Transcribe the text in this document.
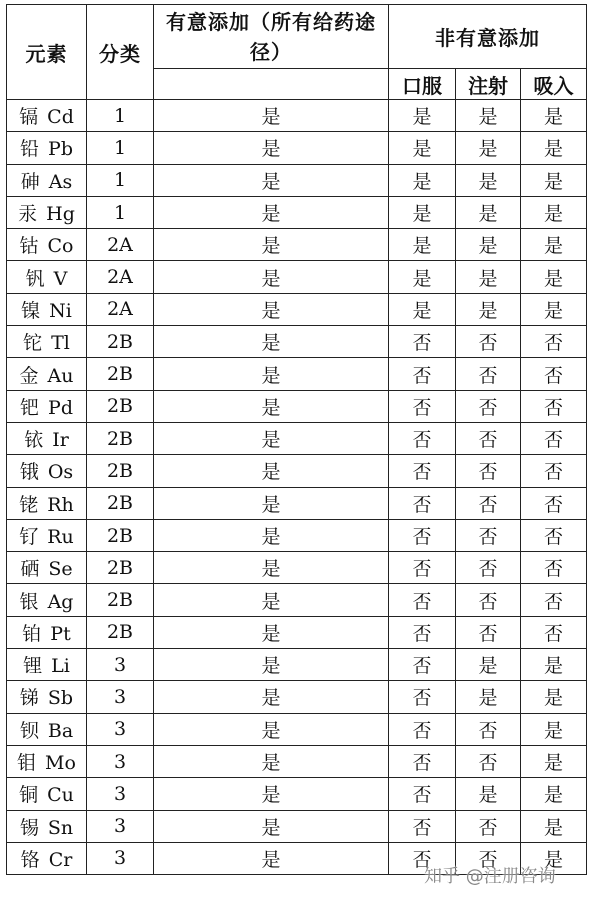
元素	分类	有意添加（所有给药途径）	非有意添加		
			口服	注射	吸入
镉 Cd	1	是	是	是	是
铅 Pb	1	是	是	是	是
砷 As	1	是	是	是	是
汞 Hg	1	是	是	是	是
钴 Co	2A	是	是	是	是
钒 V	2A	是	是	是	是
镍 Ni	2A	是	是	是	是
铊 Tl	2B	是	否	否	否
金 Au	2B	是	否	否	否
钯 Pd	2B	是	否	否	否
铱 Ir	2B	是	否	否	否
锇 Os	2B	是	否	否	否
铑 Rh	2B	是	否	否	否
钌 Ru	2B	是	否	否	否
硒 Se	2B	是	否	否	否
银 Ag	2B	是	否	否	否
铂 Pt	2B	是	否	否	否
锂 Li	3	是	否	是	是
锑 Sb	3	是	否	是	是
钡 Ba	3	是	否	否	是
钼 Mo	3	是	否	否	是
铜 Cu	3	是	否	是	是
锡 Sn	3	是	否	否	是
铬 Cr	3	是	否	否	是
知乎 @注册咨询
